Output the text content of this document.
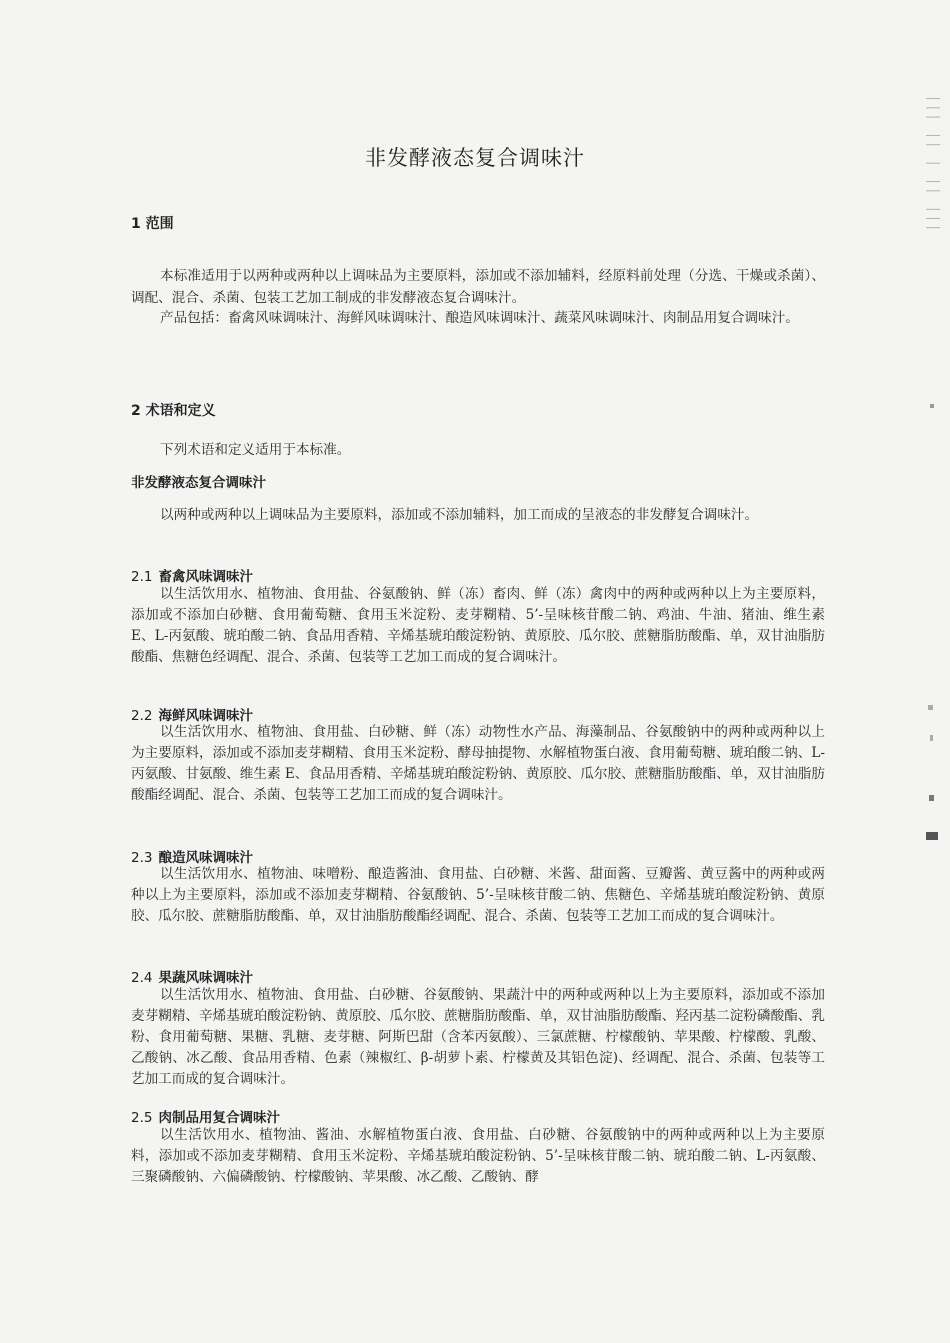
│││ ││ │ ││ │││
非发酵液态复合调味汁
1 范围

本标准适用于以两种或两种以上调味品为主要原料，添加或不添加辅料，经原料前处理（分选、干燥或杀菌）、调配、混合、杀菌、包装工艺加工制成的非发酵液态复合调味汁。

产品包括：畜禽风味调味汁、海鲜风味调味汁、酿造风味调味汁、蔬菜风味调味汁、肉制品用复合调味汁。

2 术语和定义

下列术语和定义适用于本标准。

非发酵液态复合调味汁

以两种或两种以上调味品为主要原料，添加或不添加辅料，加工而成的呈液态的非发酵复合调味汁。

2.1 畜禽风味调味汁

以生活饮用水、植物油、食用盐、谷氨酸钠、鲜（冻）畜肉、鲜（冻）禽肉中的两种或两种以上为主要原料，添加或不添加白砂糖、食用葡萄糖、食用玉米淀粉、麦芽糊精、5’-呈味核苷酸二钠、鸡油、牛油、猪油、维生素 E、L-丙氨酸、琥珀酸二钠、食品用香精、辛烯基琥珀酸淀粉钠、黄原胶、瓜尔胶、蔗糖脂肪酸酯、单，双甘油脂肪酸酯、焦糖色经调配、混合、杀菌、包装等工艺加工而成的复合调味汁。

2.2 海鲜风味调味汁

以生活饮用水、植物油、食用盐、白砂糖、鲜（冻）动物性水产品、海藻制品、谷氨酸钠中的两种或两种以上为主要原料，添加或不添加麦芽糊精、食用玉米淀粉、酵母抽提物、水解植物蛋白液、食用葡萄糖、琥珀酸二钠、L-丙氨酸、甘氨酸、维生素 E、食品用香精、辛烯基琥珀酸淀粉钠、黄原胶、瓜尔胶、蔗糖脂肪酸酯、单，双甘油脂肪酸酯经调配、混合、杀菌、包装等工艺加工而成的复合调味汁。

2.3 酿造风味调味汁

以生活饮用水、植物油、味噌粉、酿造酱油、食用盐、白砂糖、米酱、甜面酱、豆瓣酱、黄豆酱中的两种或两种以上为主要原料，添加或不添加麦芽糊精、谷氨酸钠、5’-呈味核苷酸二钠、焦糖色、辛烯基琥珀酸淀粉钠、黄原胶、瓜尔胶、蔗糖脂肪酸酯、单，双甘油脂肪酸酯经调配、混合、杀菌、包装等工艺加工而成的复合调味汁。

2.4 果蔬风味调味汁

以生活饮用水、植物油、食用盐、白砂糖、谷氨酸钠、果蔬汁中的两种或两种以上为主要原料，添加或不添加麦芽糊精、辛烯基琥珀酸淀粉钠、黄原胶、瓜尔胶、蔗糖脂肪酸酯、单，双甘油脂肪酸酯、羟丙基二淀粉磷酸酯、乳粉、食用葡萄糖、果糖、乳糖、麦芽糖、阿斯巴甜（含苯丙氨酸）、三氯蔗糖、柠檬酸钠、苹果酸、柠檬酸、乳酸、乙酸钠、冰乙酸、食品用香精、色素（辣椒红、β-胡萝卜素、柠檬黄及其铝色淀)、经调配、混合、杀菌、包装等工艺加工而成的复合调味汁。

2.5 肉制品用复合调味汁

以生活饮用水、植物油、酱油、水解植物蛋白液、食用盐、白砂糖、谷氨酸钠中的两种或两种以上为主要原料，添加或不添加麦芽糊精、食用玉米淀粉、辛烯基琥珀酸淀粉钠、5’-呈味核苷酸二钠、琥珀酸二钠、L-丙氨酸、三聚磷酸钠、六偏磷酸钠、柠檬酸钠、苹果酸、冰乙酸、乙酸钠、酵
